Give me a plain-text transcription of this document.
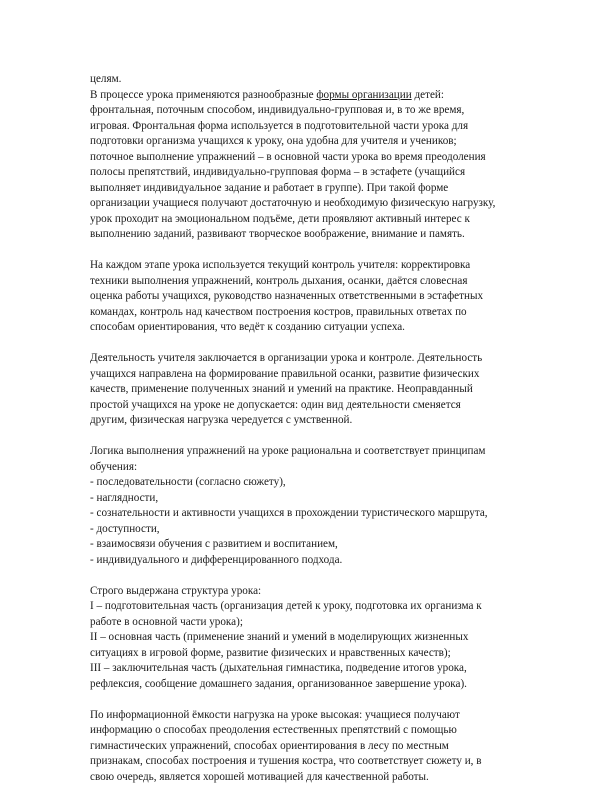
целям.
В процессе урока применяются разнообразные формы организации детей:
фронтальная, поточным способом, индивидуально-групповая и, в то же время,
игровая. Фронтальная форма используется в подготовительной части урока для
подготовки организма учащихся к уроку, она удобна для учителя и учеников;
поточное выполнение упражнений – в основной части урока во время преодоления
полосы препятствий, индивидуально-групповая форма – в эстафете (учащийся
выполняет индивидуальное задание и работает в группе). При такой форме
организации учащиеся получают достаточную и необходимую физическую нагрузку,
урок проходит на эмоциональном подъёме, дети проявляют активный интерес к
выполнению заданий, развивают творческое воображение, внимание и память.
На каждом этапе урока используется текущий контроль учителя: корректировка
техники выполнения упражнений, контроль дыхания, осанки, даётся словесная
оценка работы учащихся, руководство назначенных ответственными в эстафетных
командах, контроль над качеством построения костров, правильных ответах по
способам ориентирования, что ведёт к созданию ситуации успеха.
Деятельность учителя заключается в организации урока и контроле. Деятельность
учащихся направлена на формирование правильной осанки, развитие физических
качеств, применение полученных знаний и умений на практике. Неоправданный
простой учащихся на уроке не допускается: один вид деятельности сменяется
другим, физическая нагрузка чередуется с умственной.
Логика выполнения упражнений на уроке рациональна и соответствует принципам
обучения:
- последовательности (согласно сюжету),
- наглядности,
- сознательности и активности учащихся в прохождении туристического маршрута,
- доступности,
- взаимосвязи обучения с развитием и воспитанием,
- индивидуального и дифференцированного подхода.
Строго выдержана структура урока:
I – подготовительная часть (организация детей к уроку, подготовка их организма к
работе в основной части урока);
II – основная часть (применение знаний и умений в моделирующих жизненных
ситуациях в игровой форме, развитие физических и нравственных качеств);
III – заключительная часть (дыхательная гимнастика, подведение итогов урока,
рефлексия, сообщение домашнего задания, организованное завершение урока).
По информационной ёмкости нагрузка на уроке высокая: учащиеся получают
информацию о способах преодоления естественных препятствий с помощью
гимнастических упражнений, способах ориентирования в лесу по местным
признакам, способах построения и тушения костра, что соответствует сюжету и, в
свою очередь, является хорошей мотивацией для качественной работы.
